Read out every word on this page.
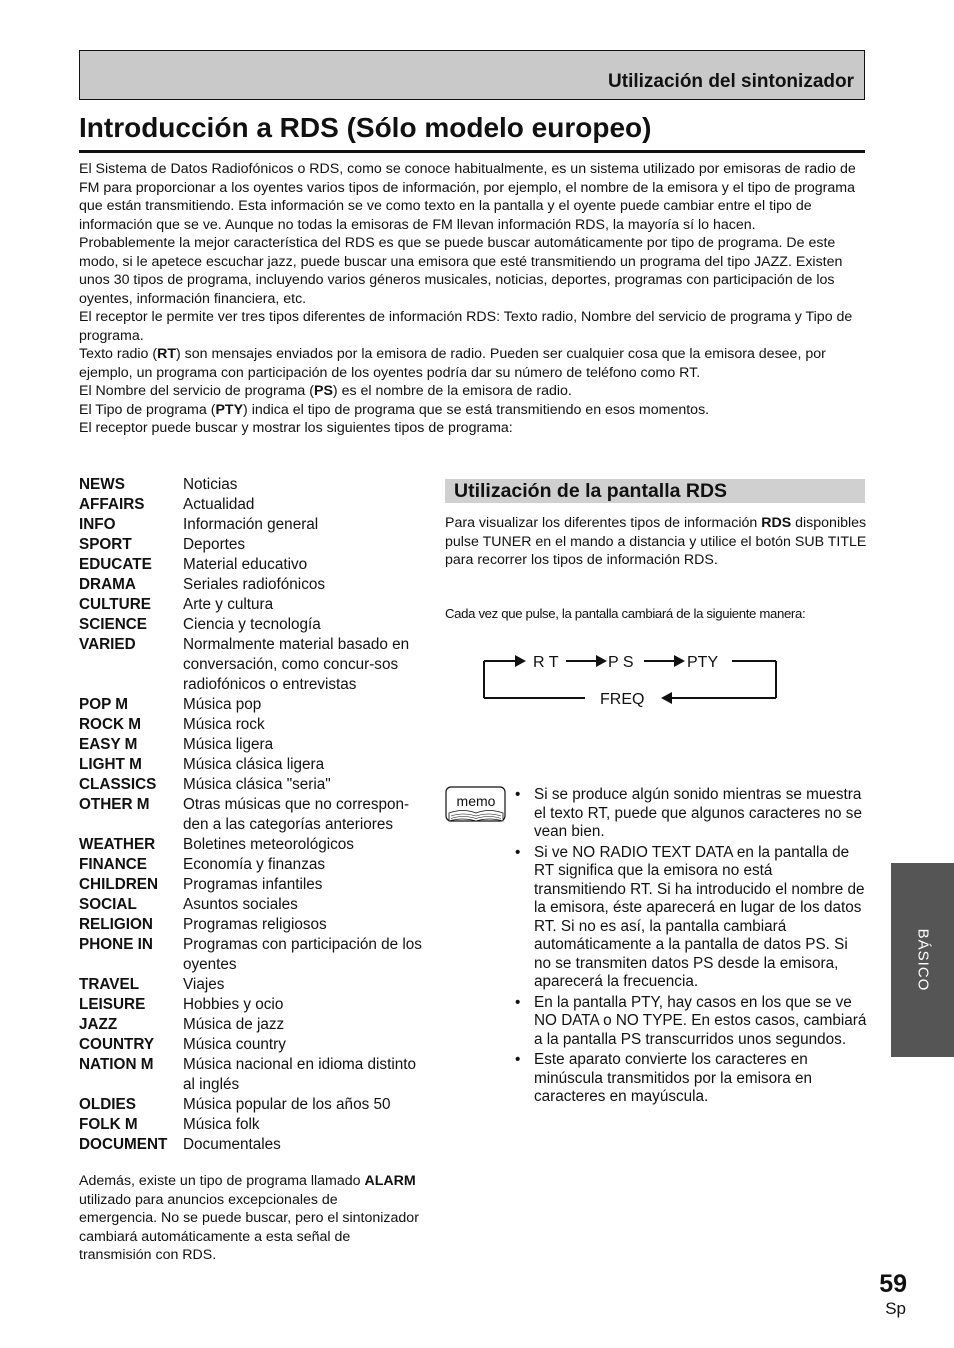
Utilización del sintonizador
Introducción a RDS (Sólo modelo europeo)

El Sistema de Datos Radiofónicos o RDS, como se conoce habitualmente, es un sistema utilizado por emisoras de radio de FM para proporcionar a los oyentes varios tipos de información, por ejemplo, el nombre de la emisora y el tipo de programa que están transmitiendo. Esta información se ve como texto en la pantalla y el oyente puede cambiar entre el tipo de información que se ve. Aunque no todas la emisoras de FM llevan información RDS, la mayoría sí lo hacen.

Probablemente la mejor característica del RDS es que se puede buscar automáticamente por tipo de programa. De este modo, si le apetece escuchar jazz, puede buscar una emisora que esté transmitiendo un programa del tipo JAZZ. Existen unos 30 tipos de programa, incluyendo varios géneros musicales, noticias, deportes, programas con participación de los oyentes, información financiera, etc.

El receptor le permite ver tres tipos diferentes de información RDS: Texto radio, Nombre del servicio de programa y Tipo de programa.

Texto radio (RT) son mensajes enviados por la emisora de radio. Pueden ser cualquier cosa que la emisora desee, por ejemplo, un programa con participación de los oyentes podría dar su número de teléfono como RT.

El Nombre del servicio de programa (PS) es el nombre de la emisora de radio.

El Tipo de programa (PTY) indica el tipo de programa que se está transmitiendo en esos momentos.

El receptor puede buscar y mostrar los siguientes tipos de programa:

NEWS	Noticias
AFFAIRS	Actualidad
INFO	Información general
SPORT	Deportes
EDUCATE	Material educativo
DRAMA	Seriales radiofónicos
CULTURE	Arte y cultura
SCIENCE	Ciencia y tecnología
VARIED	Normalmente material basado en conversación, como concur-sos radiofónicos o entrevistas
POP M	Música pop
ROCK M	Música rock
EASY M	Música ligera
LIGHT M	Música clásica ligera
CLASSICS	Música clásica "seria"
OTHER M	Otras músicas que no correspon-den a las categorías anteriores
WEATHER	Boletines meteorológicos
FINANCE	Economía y finanzas
CHILDREN	Programas infantiles
SOCIAL	Asuntos sociales
RELIGION	Programas religiosos
PHONE IN	Programas con participación de los oyentes
TRAVEL	Viajes
LEISURE	Hobbies y ocio
JAZZ	Música de jazz
COUNTRY	Música country
NATION M	Música nacional en idioma distinto al inglés
OLDIES	Música popular de los años 50
FOLK M	Música folk
DOCUMENT	Documentales

Además, existe un tipo de programa llamado ALARM utilizado para anuncios excepcionales de emergencia. No se puede buscar, pero el sintonizador cambiará automáticamente a esta señal de transmisión con RDS.

Utilización de la pantalla RDS

Para visualizar los diferentes tipos de información RDS disponibles pulse TUNER en el mando a distancia y utilice el botón SUB TITLE para recorrer los tipos de información RDS.

Cada vez que pulse, la pantalla cambiará de la siguiente manera:

R T	P S	PTY
FREQ
memo • Si se produce algún sonido mientras se muestra el texto RT, puede que algunos caracteres no se vean bien.
• Si ve NO RADIO TEXT DATA en la pantalla de RT significa que la emisora no está transmitiendo RT. Si ha introducido el nombre de la emisora, éste aparecerá en lugar de los datos RT. Si no es así, la pantalla cambiará automáticamente a la pantalla de datos PS. Si no se transmiten datos PS desde la emisora, aparecerá la frecuencia.
• En la pantalla PTY, hay casos en los que se ve NO DATA o NO TYPE. En estos casos, cambiará a la pantalla PS transcurridos unos segundos.
• Este aparato convierte los caracteres en minúscula transmitidos por la emisora en caracteres en mayúscula.
BÁSICO
59
Sp
